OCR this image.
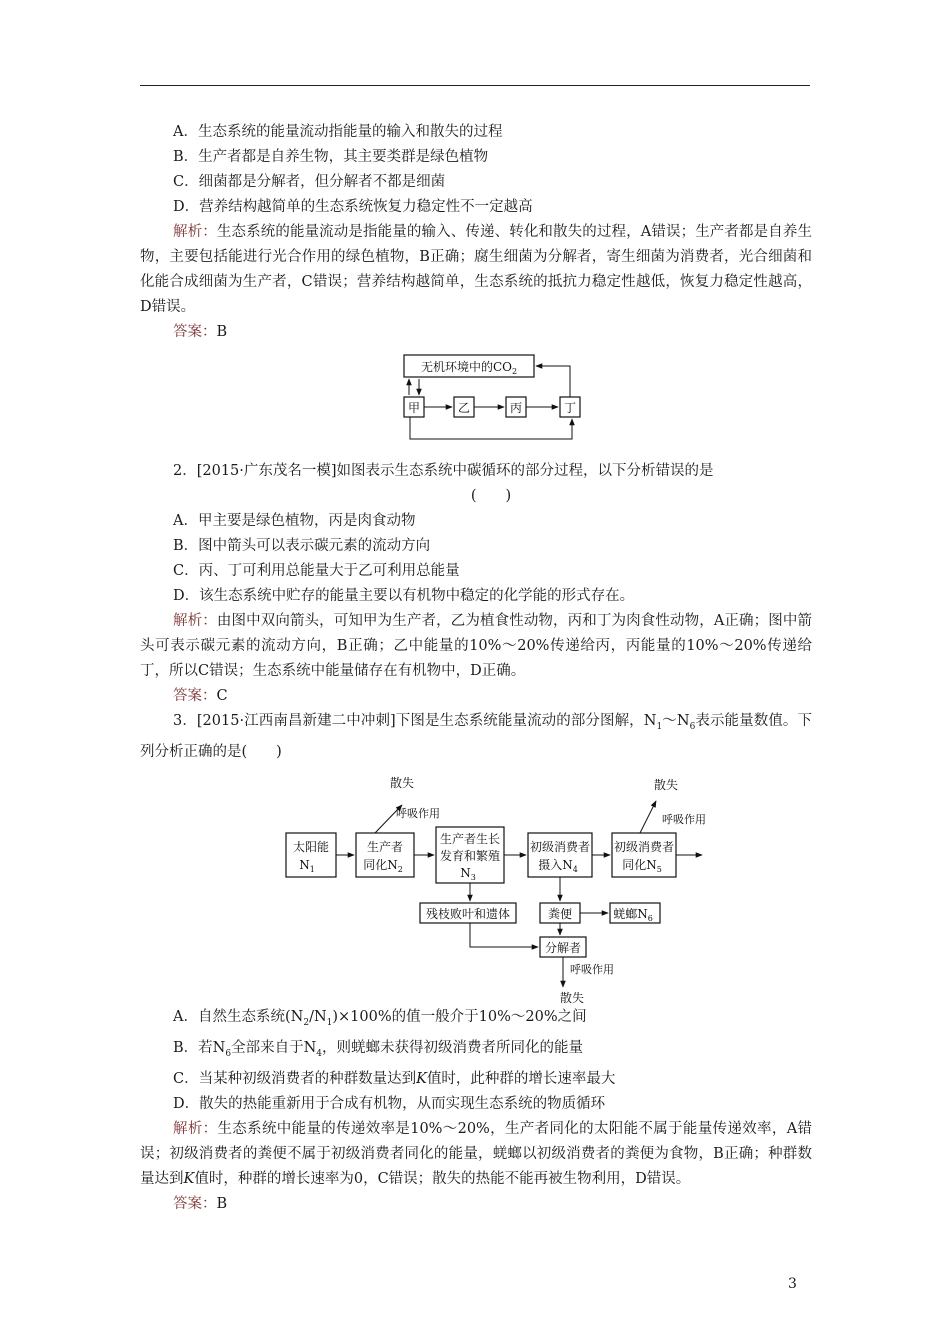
A．生态系统的能量流动指能量的输入和散失的过程
B．生产者都是自养生物，其主要类群是绿色植物
C．细菌都是分解者，但分解者不都是细菌
D．营养结构越简单的生态系统恢复力稳定性不一定越高
解析：生态系统的能量流动是指能量的输入、传递、转化和散失的过程，A错误；生产者都是自养生物，主要包括能进行光合作用的绿色植物，B正确；腐生细菌为分解者，寄生细菌为消费者，光合细菌和化能合成细菌为生产者，C错误；营养结构越简单，生态系统的抵抗力稳定性越低，恢复力稳定性越高，D错误。
答案：B
无机环境中的$CO_2$
甲	乙	丙	丁
2．[2015·广东茂名一模]如图表示生态系统中碳循环的部分过程，以下分析错误的是
(　　)
A．甲主要是绿色植物，丙是肉食动物
B．图中箭头可以表示碳元素的流动方向
C．丙、丁可利用总能量大于乙可利用总能量
D．该生态系统中贮存的能量主要以有机物中稳定的化学能的形式存在。
解析：由图中双向箭头，可知甲为生产者，乙为植食性动物，丙和丁为肉食性动物，A正确；图中箭头可表示碳元素的流动方向，B正确；乙中能量的10%～20%传递给丙，丙能量的10%～20%传递给丁，所以C错误；生态系统中能量储存在有机物中，D正确。
答案：C
3．[2015·江西南昌新建二中冲刺]下图是生态系统能量流动的部分图解，$N_1\sim N_6$表示能量数值。下列分析正确的是(　　)
太阳能
$N_1$
生产者
同化$N_2$
生产者生长
发育和繁殖
$N_3$
初级消费者
摄入$N_4$
初级消费者
同化$N_5$
残枝败叶和遗体	粪便	蜣螂$N_6$
分解者
散失
呼吸作用
散失
呼吸作用
呼吸作用
散失
A．自然生态系统$(N_2/N_1)\times 100\%$的值一般介于10%～20%之间
B．若$N_6$全部来自于$N_4$，则蜣螂未获得初级消费者所同化的能量
C．当某种初级消费者的种群数量达到K值时，此种群的增长速率最大
D．散失的热能重新用于合成有机物，从而实现生态系统的物质循环
解析：生态系统中能量的传递效率是10%～20%，生产者同化的太阳能不属于能量传递效率，A错误；初级消费者的粪便不属于初级消费者同化的能量，蜣螂以初级消费者的粪便为食物，B正确；种群数量达到K值时，种群的增长速率为0，C错误；散失的热能不能再被生物利用，D错误。
答案：B
3
